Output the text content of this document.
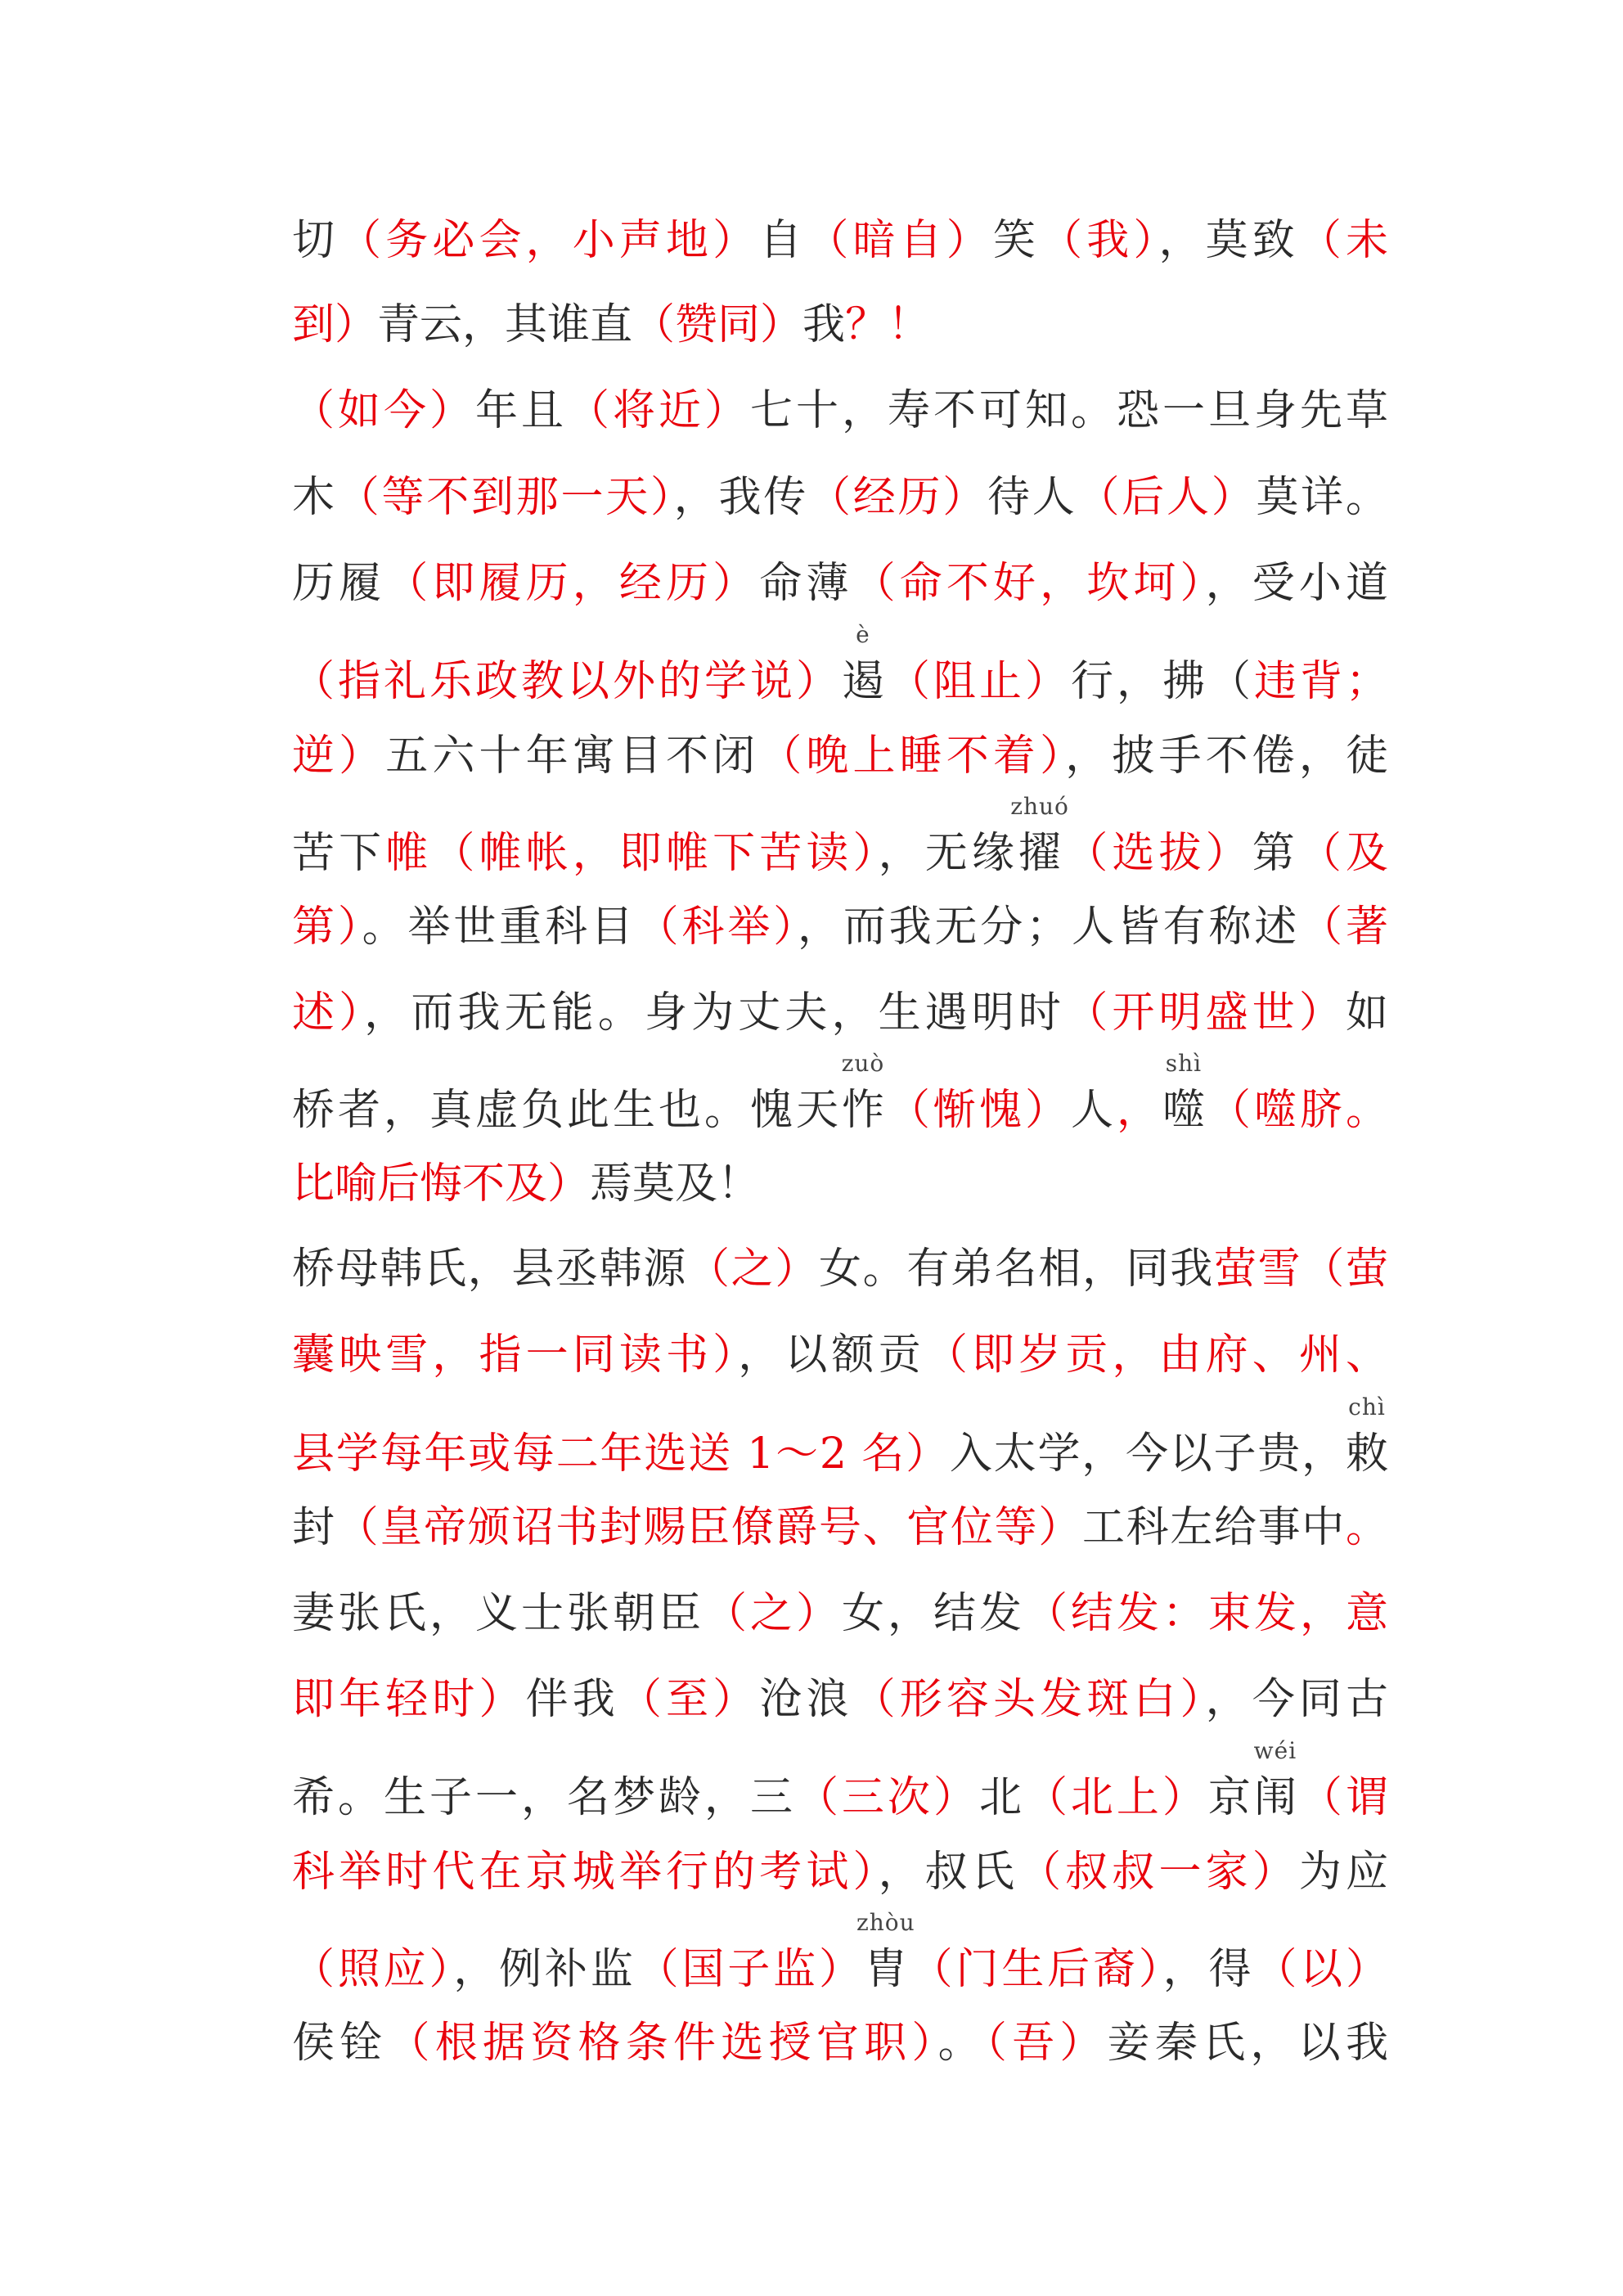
切（务必会，小声地）自（暗自）笑（我），莫致（未
到）青云，其谁直（赞同）我？！
（如今）年且（将近）七十，寿不可知。恐一旦身先草
木（等不到那一天），我传（经历）待人（后人）莫详。
历履（即履历，经历）命薄（命不好，坎坷），受小道
（指礼乐政教以外的学说）
è
遏（阻止）行，拂（违背；
逆）五六十年寓目不闭（晚上睡不着），披手不倦，徒
苦下帷（帷帐，即帷下苦读），无缘
zhuó
擢（选拔）第（及
第）。举世重科目（科举），而我无分；人皆有称述（著
述），而我无能。身为丈夫，生遇明时（开明盛世）如
桥者，真虚负此生也。愧天
zuò
怍（惭愧）人，
shì
噬（噬脐。
比喻后悔不及）焉莫及！
桥母韩氏，县丞韩源（之）女。有弟名相，同我萤雪（萤
囊映雪，指一同读书），以额贡（即岁贡，由府、州、
县学每年或每二年选送 1～2 名）入太学，今以子贵，
chì
敕
封（皇帝颁诏书封赐臣僚爵号、官位等）工科左给事中。
妻张氏，义士张朝臣（之）女，结发（结发：束发，意
即年轻时）伴我（至）沧浪（形容头发斑白），今同古
希。生子一，名梦龄，三（三次）北（北上）京
wéi
闱（谓
科举时代在京城举行的考试），叔氏（叔叔一家）为应
（照应），例补监（国子监）
zhòu
胄（门生后裔），得（以）
侯铨（根据资格条件选授官职）。（吾）妾秦氏，以我
